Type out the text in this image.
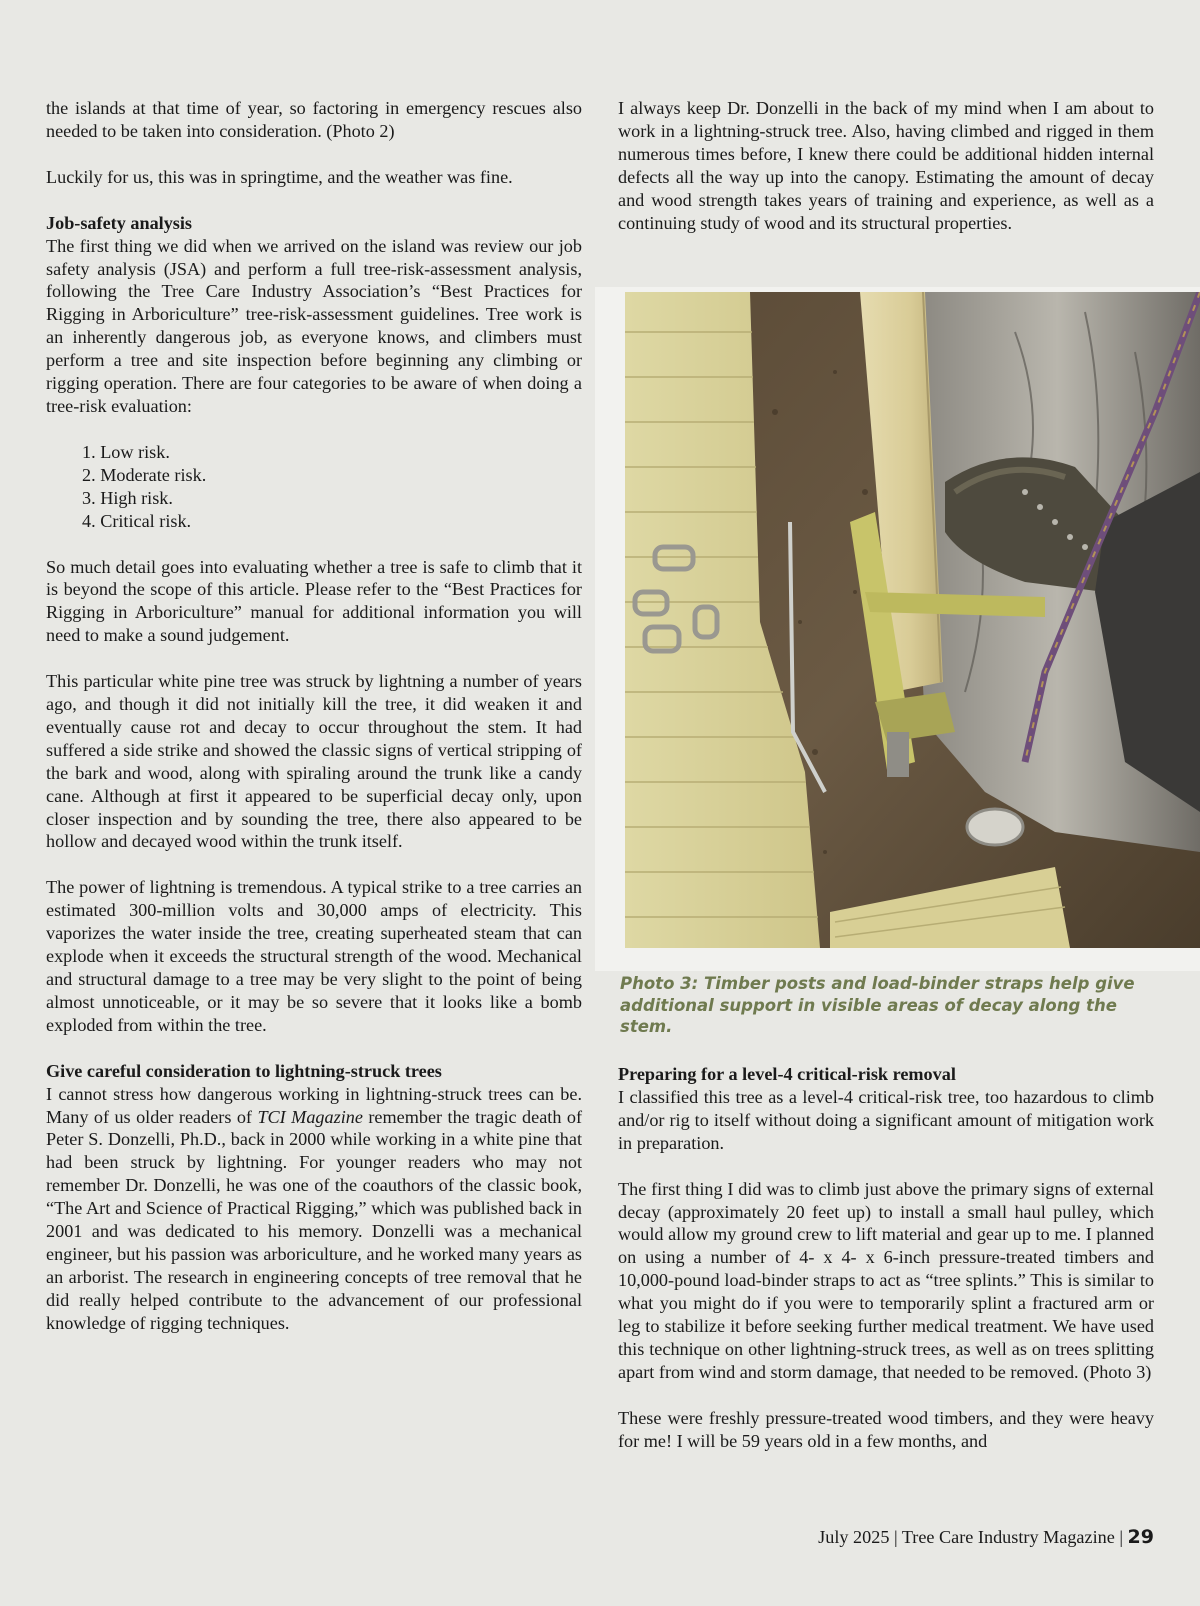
the islands at that time of year, so factoring in emergency rescues also needed to be taken into consideration. (Photo 2)

Luckily for us, this was in springtime, and the weather was fine.

Job-safety analysis

The first thing we did when we arrived on the island was review our job safety analysis (JSA) and perform a full tree-risk-assessment analysis, following the Tree Care Industry Association’s “Best Practices for Rigging in Arboriculture” tree-risk-assessment guidelines. Tree work is an inherently dangerous job, as everyone knows, and climbers must perform a tree and site inspection before beginning any climbing or rigging operation. There are four categories to be aware of when doing a tree-risk evaluation:

1. Low risk.
2. Moderate risk.
3. High risk.
4. Critical risk.

So much detail goes into evaluating whether a tree is safe to climb that it is beyond the scope of this article. Please refer to the “Best Practices for Rigging in Arboriculture” manual for additional information you will need to make a sound judgement.

This particular white pine tree was struck by lightning a number of years ago, and though it did not initially kill the tree, it did weaken it and eventually cause rot and decay to occur throughout the stem. It had suffered a side strike and showed the classic signs of vertical stripping of the bark and wood, along with spiraling around the trunk like a candy cane. Although at first it appeared to be superficial decay only, upon closer inspection and by sounding the tree, there also appeared to be hollow and decayed wood within the trunk itself.

The power of lightning is tremendous. A typical strike to a tree carries an estimated 300-million volts and 30,000 amps of electricity. This vaporizes the water inside the tree, creating superheated steam that can explode when it exceeds the structural strength of the wood. Mechanical and structural damage to a tree may be very slight to the point of being almost unnoticeable, or it may be so severe that it looks like a bomb exploded from within the tree.

Give careful consideration to lightning-struck trees

I cannot stress how dangerous working in lightning-struck trees can be. Many of us older readers of TCI Magazine remember the tragic death of Peter S. Donzelli, Ph.D., back in 2000 while working in a white pine that had been struck by lightning. For younger readers who may not remember Dr. Donzelli, he was one of the coauthors of the classic book, “The Art and Science of Practical Rigging,” which was published back in 2001 and was dedicated to his memory. Donzelli was a mechanical engineer, but his passion was arboriculture, and he worked many years as an arborist. The research in engineering concepts of tree removal that he did really helped contribute to the advancement of our professional knowledge of rigging techniques.

I always keep Dr. Donzelli in the back of my mind when I am about to work in a lightning-struck tree. Also, having climbed and rigged in them numerous times before, I knew there could be additional hidden internal defects all the way up into the canopy. Estimating the amount of decay and wood strength takes years of training and experience, as well as a continuing study of wood and its structural properties.

Photo 3: Timber posts and load-binder straps help give additional support in visible areas of decay along the stem.
Preparing for a level-4 critical-risk removal

I classified this tree as a level-4 critical-risk tree, too hazardous to climb and/or rig to itself without doing a significant amount of mitigation work in preparation.

The first thing I did was to climb just above the primary signs of external decay (approximately 20 feet up) to install a small haul pulley, which would allow my ground crew to lift material and gear up to me. I planned on using a number of 4- x 4- x 6-inch pressure-treated timbers and 10,000-pound load-binder straps to act as “tree splints.” This is similar to what you might do if you were to temporarily splint a fractured arm or leg to stabilize it before seeking further medical treatment. We have used this technique on other lightning-struck trees, as well as on trees splitting apart from wind and storm damage, that needed to be removed. (Photo 3)

These were freshly pressure-treated wood timbers, and they were heavy for me! I will be 59 years old in a few months, and

July 2025 | Tree Care Industry Magazine | 29
